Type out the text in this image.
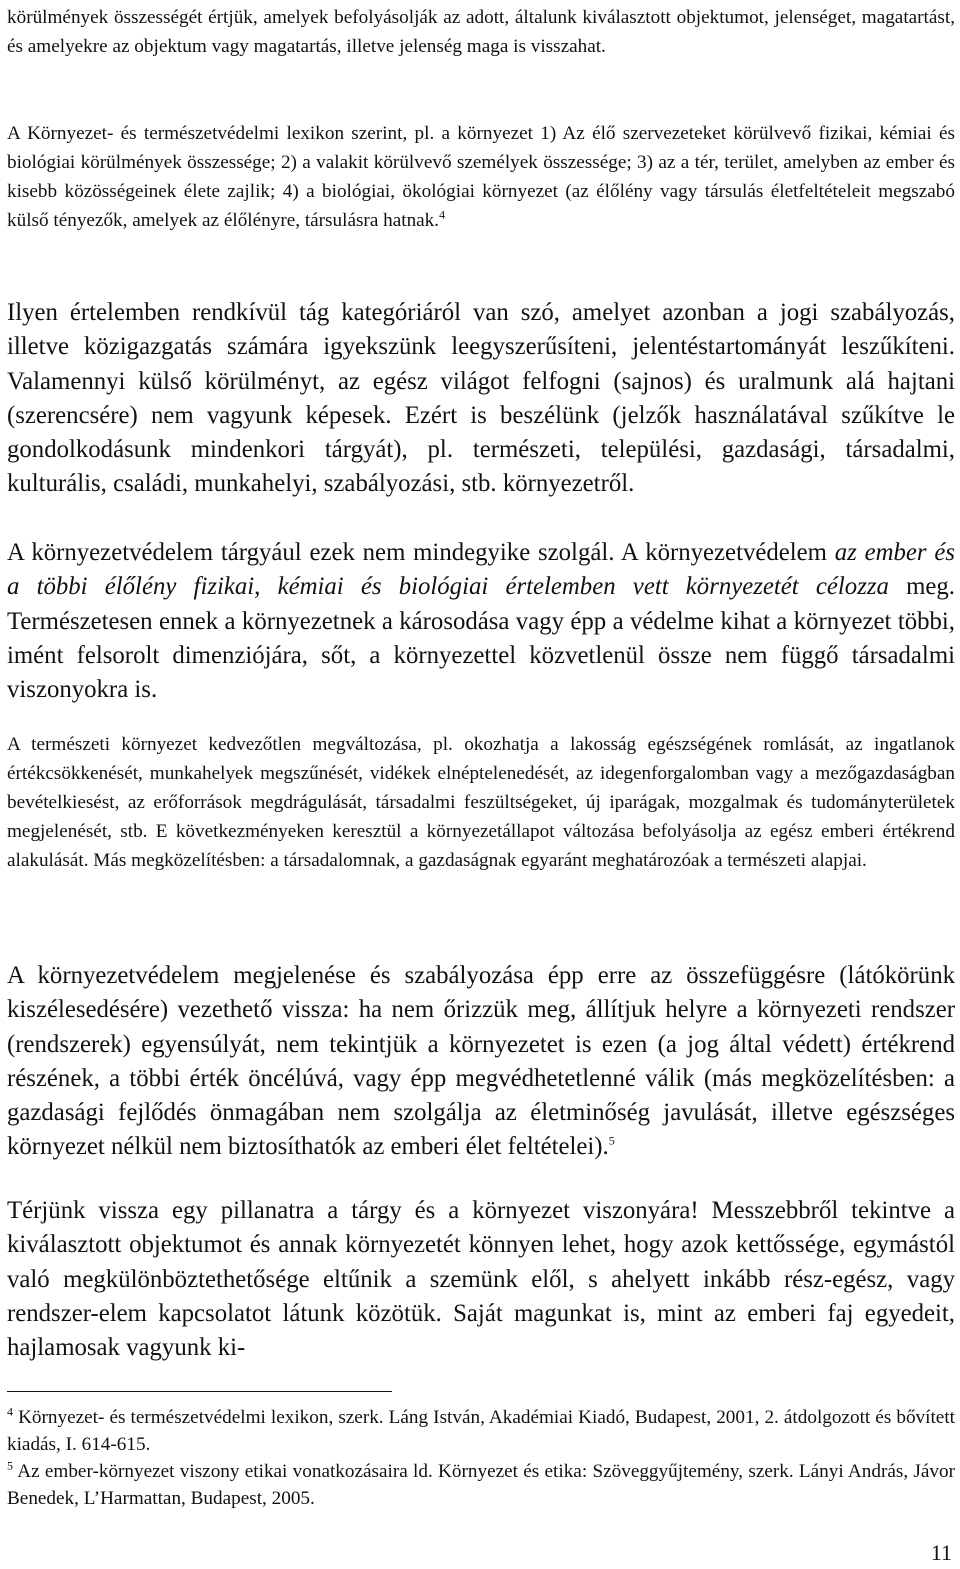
körülmények összességét értjük, amelyek befolyásolják az adott, általunk kiválasztott objektumot, jelenséget, magatartást, és amelyekre az objektum vagy magatartás, illetve jelenség maga is visszahat.

A Környezet- és természetvédelmi lexikon szerint, pl. a környezet 1) Az élő szervezeteket körülvevő fizikai, kémiai és biológiai körülmények összessége; 2) a valakit körülvevő személyek összessége; 3) az a tér, terület, amelyben az ember és kisebb közösségeinek élete zajlik; 4) a biológiai, ökológiai környezet (az élőlény vagy társulás életfeltételeit megszabó külső tényezők, amelyek az élőlényre, társulásra hatnak.$^4$

Ilyen értelemben rendkívül tág kategóriáról van szó, amelyet azonban a jogi szabályozás, illetve közigazgatás számára igyekszünk leegyszerűsíteni, jelentéstartományát leszűkíteni. Valamennyi külső körülményt, az egész világot felfogni (sajnos) és uralmunk alá hajtani (szerencsére) nem vagyunk képesek. Ezért is beszélünk (jelzők használatával szűkítve le gondolkodásunk mindenkori tárgyát), pl. természeti, települési, gazdasági, társadalmi, kulturális, családi, munkahelyi, szabályozási, stb. környezetről.

A környezetvédelem tárgyául ezek nem mindegyike szolgál. A környezetvédelem az ember és a többi élőlény fizikai, kémiai és biológiai értelemben vett környezetét célozza meg. Természetesen ennek a környezetnek a károsodása vagy épp a védelme kihat a környezet többi, imént felsorolt dimenziójára, sőt, a környezettel közvetlenül össze nem függő társadalmi viszonyokra is.

A természeti környezet kedvezőtlen megváltozása, pl. okozhatja a lakosság egészségének romlását, az ingatlanok értékcsökkenését, munkahelyek megszűnését, vidékek elnéptelenedését, az idegenforgalomban vagy a mezőgazdaságban bevételkiesést, az erőforrások megdrágulását, társadalmi feszültségeket, új iparágak, mozgalmak és tudományterületek megjelenését, stb. E következményeken keresztül a környezetállapot változása befolyásolja az egész emberi értékrend alakulását. Más megközelítésben: a társadalomnak, a gazdaságnak egyaránt meghatározóak a természeti alapjai.

A környezetvédelem megjelenése és szabályozása épp erre az összefüggésre (látókörünk kiszélesedésére) vezethető vissza: ha nem őrizzük meg, állítjuk helyre a környezeti rendszer (rendszerek) egyensúlyát, nem tekintjük a környezetet is ezen (a jog által védett) értékrend részének, a többi érték öncélúvá, vagy épp megvédhetetlenné válik (más megközelítésben: a gazdasági fejlődés önmagában nem szolgálja az életminőség javulását, illetve egészséges környezet nélkül nem biztosíthatók az emberi élet feltételei).$^5$

Térjünk vissza egy pillanatra a tárgy és a környezet viszonyára! Messzebbről tekintve a kiválasztott objektumot és annak környezetét könnyen lehet, hogy azok kettőssége, egymástól való megkülönböztethetősége eltűnik a szemünk elől, s ahelyett inkább rész-egész, vagy rendszer-elem kapcsolatot látunk közötük. Saját magunkat is, mint az emberi faj egyedeit, hajlamosak vagyunk ki-

$^4$ Környezet- és természetvédelmi lexikon, szerk. Láng István, Akadémiai Kiadó, Budapest, 2001, 2. átdolgozott és bővített kiadás, I. 614-615.

$^5$ Az ember-környezet viszony etikai vonatkozásaira ld. Környezet és etika: Szöveggyűjtemény, szerk. Lányi András, Jávor Benedek, L’Harmattan, Budapest, 2005.

11
